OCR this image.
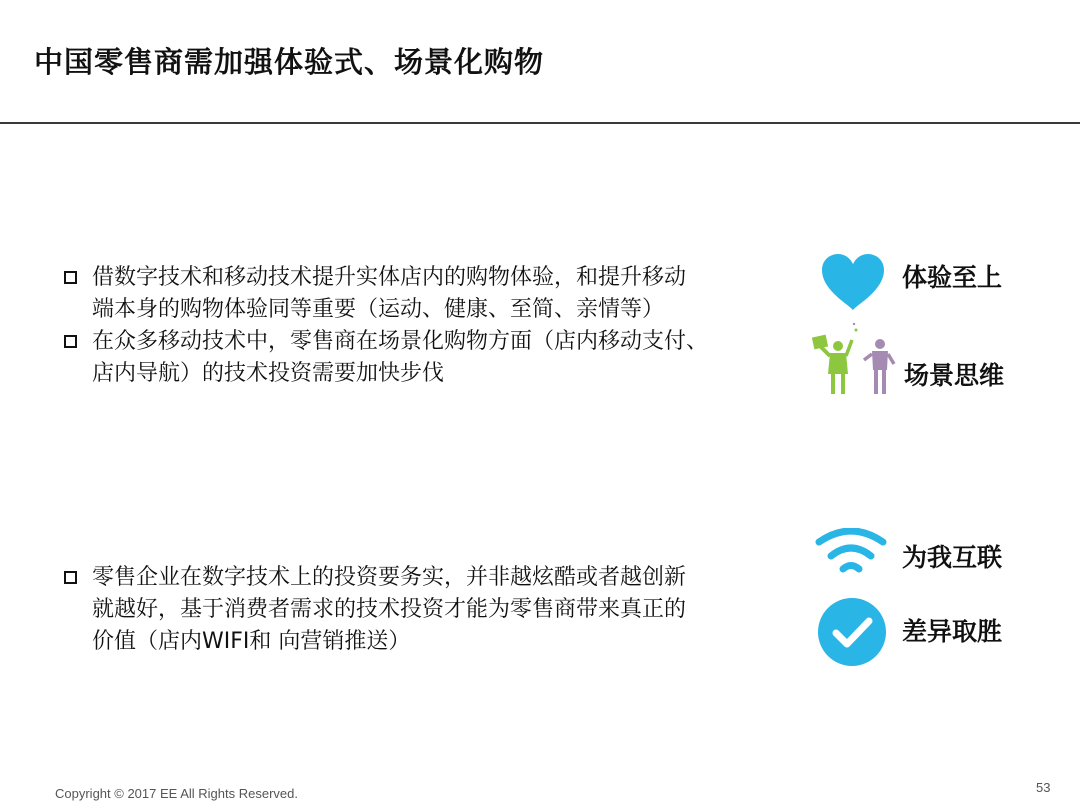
中国零售商需加强体验式、场景化购物
借数字技术和移动技术提升实体店内的购物体验，和提升移动
端本身的购物体验同等重要（运动、健康、至简、亲情等）
在众多移动技术中，零售商在场景化购物方面（店内移动支付、
店内导航）的技术投资需要加快步伐
零售企业在数字技术上的投资要务实，并非越炫酷或者越创新
就越好，基于消费者需求的技术投资才能为零售商带来真正的
价值（店内WIFI和 向营销推送）
体验至上
场景思维
为我互联
差异取胜
Copyright © 2017 EE All Rights Reserved.	53
